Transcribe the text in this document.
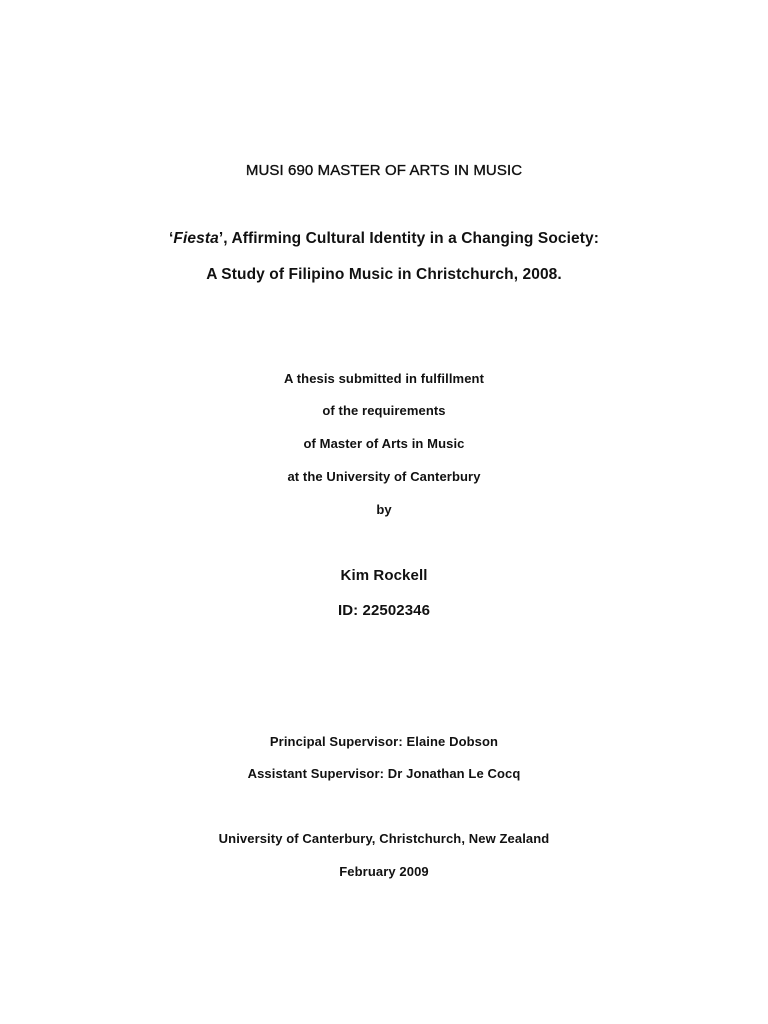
MUSI 690 MASTER OF ARTS IN MUSIC
‘Fiesta’, Affirming Cultural Identity in a Changing Society:
A Study of Filipino Music in Christchurch, 2008.
A thesis submitted in fulfillment
of the requirements
of Master of Arts in Music
at the University of Canterbury
by
Kim Rockell
ID: 22502346
Principal Supervisor: Elaine Dobson
Assistant Supervisor: Dr Jonathan Le Cocq
University of Canterbury, Christchurch, New Zealand
February 2009
